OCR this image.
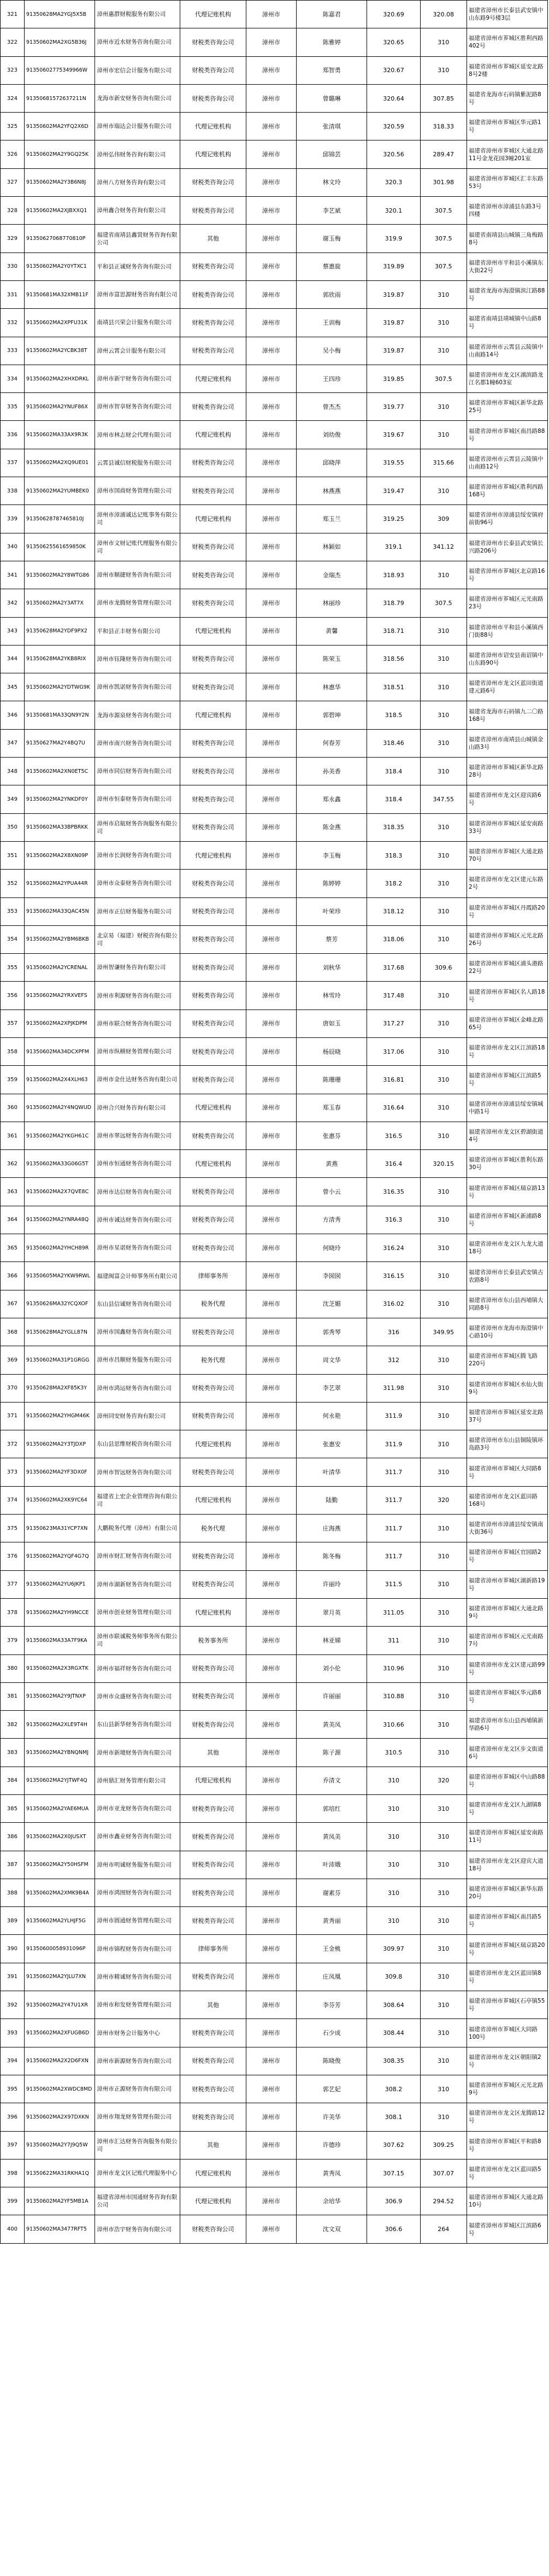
321	91350628MA2YGJ5X5B	漳州惠群财税服务有限公司	代理记账机构	漳州市	陈嘉君	320.69	320.08	福建省漳州市长泰县武安镇中山东路9号楼3层
322	91350602MA2XG5B36J	漳州市近水财务咨询有限公司	财税类咨询公司	漳州市	陈雅婷	320.65	310	福建省漳州市芗城区胜利西路402号
323	91350602775349966W	漳州市宏信会计服务有限公司	财税类咨询公司	漳州市	郑智勇	320.67	310	福建省漳州市芗城区延安北路8号2楼
324	91350681572637211N	龙海市新安财务咨询有限公司	财税类咨询公司	漳州市	曾璐琳	320.64	307.85	福建省龙海市石码镇紫泥路8号
325	91350602MA2YFQ2X6D	漳州市瑞达会计服务有限公司	代理记账机构	漳州市	张清琪	320.59	318.33	福建省漳州市芗城区华元路1号
326	91350602MA2Y9GQ25K	漳州弘伟财务咨询有限公司	代理记账机构	漳州市	邱锦芸	320.56	289.47	福建省漳州市芗城区大通北路11号金龙花园3幢201室
327	91350602MA2Y3B6N8J	漳州八方财务咨询有限公司	财税类咨询公司	漳州市	林文玲	320.3	301.98	福建省漳州市芗城区汇丰东路53号
328	91350602MA2XJBXXQ1	漳州鑫合财务咨询有限公司	财税类咨询公司	漳州市	李艺斌	320.1	307.5	福建省漳州市漳浦县东路3号四楼
329	91350627068770810P	福建省南靖县鑫贤财务咨询有限公司	其他	漳州市	谢玉梅	319.9	307.5	福建省南靖县山城镇三角梅路8号
330	91350602MA2Y0YTXC1	平和县正诚财务咨询有限公司	财税类咨询公司	漳州市	蔡惠旋	319.89	307.5	福建省漳州市平和县小溪镇东大街22号
331	91350681MA32XMB11F	漳州市富思源财务咨询有限公司	财税类咨询公司	漳州市	郭欣雨	319.87	310	福建省龙海市海澄镇滨江路88号
332	91350602MA2XPFU31K	南靖县兴荣会计服务有限公司	财税类咨询公司	漳州市	王训梅	319.87	310	福建省南靖县靖城镇中山路8号
333	91350602MA2YCBK38T	漳州云霄会计服务有限公司	财税类咨询公司	漳州市	吴小梅	319.87	310	福建省漳州市云霄县云陵镇中山南路14号
334	91350602MA2XHXDRKL	漳州市新宇财务咨询有限公司	代理记账机构	漳州市	王四珍	319.85	307.5	福建省漳州市龙文区湖滨路龙江名都1幢603室
335	91350602MA2YNUF86X	漳州市智享财务咨询有限公司	财税类咨询公司	漳州市	曾杰杰	319.77	310	福建省漳州市芗城区新华北路25号
336	91350602MA33AX9R3K	漳州市林志财会代理有限公司	代理记账机构	漳州市	刘幼俊	319.67	310	福建省漳州市芗城区南昌路88号
337	91350602MA2XQ9UE01	云霄县诚信财税服务有限公司	财税类咨询公司	漳州市	邱晓萍	319.55	315.66	福建省漳州市云霄县云陵镇中山南路12号
338	91350602MA2YUMBEK0	漳州市国商财务管理有限公司	财税类咨询公司	漳州市	林燕燕	319.47	310	福建省漳州市芗城区胜利西路168号
339	91350628787465810J	漳州市漳浦诚达记账事务有限公司	代理记账机构	漳州市	郑玉兰	319.25	309	福建省漳州市漳浦县绥安镇府前街96号
340	91350625561659850K	漳州市文财记账代理服务有限公司	财税类咨询公司	漳州市	林颖如	319.1	341.12	福建省漳州市长泰县武安镇长兴路206号
341	91350602MA2Y8WTG86	漳州市顺捷财务咨询有限公司	财税类咨询公司	漳州市	金瑞杰	318.93	310	福建省漳州市芗城区北京路16号
342	91350602MA2Y3AT7X	漳州市龙腾财务管理有限公司	财税类咨询公司	漳州市	林丽珍	318.79	307.5	福建省漳州市芗城区元光南路23号
343	91350628MA2YDF9PX2	平和县正丰财务有限公司	代理记账机构	漳州市	黄馨	318.71	310	福建省漳州市平和县小溪镇西门街88号
344	91350628MA2YKB8RIX	漳州市钰隆财务咨询有限公司	财税类咨询公司	漳州市	陈荣玉	318.56	310	福建省漳州市诏安县南诏镇中山东路90号
345	91350602MA2YDTWG9K	漳州市凯诺财务咨询有限公司	财税类咨询公司	漳州市	林惠华	318.51	310	福建省漳州市龙文区蓝田街道建元路6号
346	91350681MA33QN9Y2N	龙海市源泉财务咨询有限公司	代理记账机构	漳州市	郭碧坤	318.5	310	福建省龙海市石码镇九二〇路168号
347	91350627MA2Y4BQ7U	漳州市南兴财务咨询有限公司	财税类咨询公司	漳州市	何春芳	318.46	310	福建省漳州市南靖县山城镇金山路3号
348	91350602MA2XN0ET5C	漳州市同信财务咨询有限公司	财税类咨询公司	漳州市	孙美香	318.4	310	福建省漳州市芗城区新华北路28号
349	91350602MA2YNKDF0Y	漳州市恒泰财务咨询有限公司	财税类咨询公司	漳州市	郑永鑫	318.4	347.55	福建省漳州市龙文区迎宾路6号
350	91350602MA33BPBRKK	漳州市启航财务咨询服务有限公司	财税类咨询公司	漳州市	陈金燕	318.35	310	福建省漳州市芗城区延安南路33号
351	91350602MA2X8XN09P	漳州市长润财务咨询有限公司	代理记账机构	漳州市	李玉梅	318.3	310	福建省漳州市芗城区大通北路70号
352	91350602MA2YPUA44R	漳州市众泰财务咨询有限公司	财税类咨询公司	漳州市	陈婷婷	318.2	310	福建省漳州市龙文区建元东路2号
353	91350602MA33QAC45N	漳州市正信财务服务有限公司	财税类咨询公司	漳州市	叶荣珍	318.12	310	福建省漳州市芗城区丹霞路20号
354	91350602MA2YBM6BKB	北京易（福建）财税咨询有限公司	财税类咨询公司	漳州市	蔡芳	318.06	310	福建省漳州市芗城区元光北路26号
355	91350602MA2YCRENAL	漳州智谦财务咨询有限公司	财税类咨询公司	漳州市	刘秋华	317.68	309.6	福建省漳州市芗城区浦头港路22号
356	91350602MA2YRXVEFS	漳州市利源财务咨询有限公司	财税类咨询公司	漳州市	林雪玲	317.48	310	福建省漳州市芗城区名人路18号
357	91350602MA2XPJKDPM	漳州市联合财务咨询有限公司	财税类咨询公司	漳州市	唐如玉	317.27	310	福建省漳州市芗城区金峰北路65号
358	91350602MA34DCXPFM	漳州市纵横财务管理有限公司	财税类咨询公司	漳州市	杨辰晓	317.06	310	福建省漳州市龙文区江滨路18号
359	91350602MA2X4XLH63	漳州市金仕达财务咨询有限公司	财税类咨询公司	漳州市	陈珊珊	316.81	310	福建省漳州市芗城区江滨路5号
360	91350602MA2Y4NQWUD	漳州合兴财务咨询有限公司	代理记账机构	漳州市	郑玉春	316.64	310	福建省漳州市漳浦县绥安镇城中路1号
361	91350602MA2YKGH61C	漳州市翠远财务咨询有限公司	财税类咨询公司	漳州市	张惠芬	316.5	310	福建省漳州市龙文区碧湖街道4号
362	91350602MA33G06G5T	漳州市恒通财务咨询有限公司	代理记账机构	漳州市	黄燕	316.4	320.15	福建省漳州市芗城区胜利东路30号
363	91350602MA2X7QVE8C	漳州市达信财务咨询有限公司	财税类咨询公司	漳州市	曾小云	316.35	310	福建省漳州市芗城区瑞京路13号
364	91350602MA2YNRA48Q	漳州市诚达财务咨询有限公司	财税类咨询公司	漳州市	方清秀	316.3	310	福建省漳州市芗城区新浦路8号
365	91350602MA2YHCH89R	漳州市星诺财务咨询有限公司	财税类咨询公司	漳州市	何晓玲	316.24	310	福建省漳州市龙文区九龙大道18号
366	91350605MA2YKW9RWL	福建闽富会计师事务所有限公司	律师事务所	漳州市	李囡囡	316.15	310	福建省漳州市长泰县武安镇古农路8号
367	91350626MA32YCQXOF	东山县信诚财务咨询有限公司	税务代理	漳州市	沈芝媚	316.02	310	福建省漳州市东山县西埔镇大同路8号
368	91350628MA2YGLL87N	漳州市国鑫财务咨询有限公司	财税类咨询公司	漳州市	郭秀琴	316	349.95	福建省漳州市龙海市海澄镇中心路10号
369	91350602MA31P1GRGG	漳州市昌顺财务服务有限公司	税务代理	漳州市	周文华	312	310	福建省漳州市芗城区腾飞路220号
370	91350628MA2XF85K3Y	漳州市鸿运财务咨询有限公司	财税类咨询公司	漳州市	李艺翠	311.98	310	福建省漳州市芗城区水仙大街9号
371	91350602MA2YHGM46K	漳州同安财务咨询有限公司	财税类咨询公司	漳州市	何永艳	311.9	310	福建省漳州市芗城区延安北路37号
372	91350602MA2Y3TJDXP	东山县思维财税咨询有限公司	代理记账机构	漳州市	张惠安	311.9	310	福建省漳州市东山县铜陵镇环岛路3号
373	91350602MA2YF3DX0F	漳州市智远财务咨询有限公司	财税类咨询公司	漳州市	叶清华	311.7	310	福建省漳州市芗城区大同路8号
374	91350602MA2XK9YC64	福建省上宏企业管理咨询有限公司	代理记账机构	漳州市	陆勤	311.7	320	福建省漳州市龙文区蓝田路168号
375	91350623MA31YCP7XN	大鹏税务代理（漳州）有限公司	税务代理	漳州市	庄海燕	311.7	310	福建省漳州市漳浦县绥安镇南大街36号
376	91350602MA2YQF4G7Q	漳州市财汇财务咨询有限公司	财税类咨询公司	漳州市	陈冬梅	311.7	310	福建省漳州市芗城区官园路2号
377	91350602MA2YU6JKP1	漳州市湖新财务咨询有限公司	财税类咨询公司	漳州市	许丽玲	311.5	310	福建省漳州市芗城区湖新路19号
378	91350602MA2YH9NCCE	漳州市创业财务管理有限公司	代理记账机构	漳州市	翠月英	311.05	310	福建省漳州市芗城区大通北路9号
379	91350602MA33A7F9KA	漳州市联诚税务师事务所有限公司	税务事务所	漳州市	林亚娣	311	310	福建省漳州市芗城区元光南路7号
380	91350602MA2X3RGXTK	漳州市福祥财务咨询有限公司	财税类咨询公司	漳州市	刘小伦	310.96	310	福建省漳州市龙文区建元路99号
381	91350602MA2Y9JTNXP	漳州市众盛财务咨询有限公司	财税类咨询公司	漳州市	许丽丽	310.88	310	福建省漳州市芗城区华元路8号
382	91350602MA2XLE9T4H	东山县新华财务咨询有限公司	财税类咨询公司	漳州市	黄美凤	310.66	310	福建省漳州市东山县西埔镇新华路6号
383	91350602MA2YBNQNMJ	漳州市新境财务咨询有限公司	其他	漳州市	陈子源	310.5	310	福建省漳州市龙文区步文街道6号
384	91350602MA2YJTWF4Q	漳州鼎汇财务管理有限公司	代理记账机构	漳州市	乔清文	310	320	福建省漳州市芗城区中山路88号
385	91350602MA2YAE6MUA	漳州市亚龙财务咨询有限公司	财税类咨询公司	漳州市	郭培红	310	310	福建省漳州市龙文区九湖镇8号
386	91350602MA2X0JUSXT	漳州市鑫业财务咨询有限公司	财税类咨询公司	漳州市	黄凤美	310	310	福建省漳州市芗城区延安南路11号
387	91350602MA2Y50HSFM	漳州市明诚财务服务有限公司	财税类咨询公司	漳州市	叶沛娥	310	310	福建省漳州市龙文区迎宾大道18号
388	91350602MA2XMK9B4A	漳州市鸿图财务咨询有限公司	财税类咨询公司	漳州市	谢素芬	310	310	福建省漳州市芗城区新华东路20号
389	91350602MA2YLHJF5G	漳州市圆通财务管理有限公司	财税类咨询公司	漳州市	黄秀丽	310	310	福建省漳州市芗城区南昌路5号
390	91350600058931096P	漳州市锦程财务咨询有限公司	律师事务所	漳州市	王金桃	309.97	310	福建省漳州市芗城区瑞京路20号
391	91350602MA2YJLU7XN	漳州市精诚财务咨询有限公司	财税类咨询公司	漳州市	庄凤凰	309.8	310	福建省漳州市龙文区蓝田镇8号
392	91350602MA2Y47U1XR	漳州市和发财务管理有限公司	其他	漳州市	李芬芳	308.64	310	福建省漳州市芗城区石亭镇55号
393	91350602MA2XFUGB6D	漳州市财务会计服务中心	财税类咨询公司	漳州市	石少成	308.44	310	福建省漳州市芗城区大同路100号
394	91350602MA2X2D6FXN	漳州市新源财务咨询有限公司	财税类咨询公司	漳州市	陈晓俊	308.35	310	福建省漳州市龙文区朝阳镇2号
395	91350602MA2XWDC8MD	漳州市正源财务咨询有限公司	财税类咨询公司	漳州市	郭艺妃	308.2	310	福建省漳州市芗城区元光北路9号
396	91350602MA2X97DXKN	漳州市翔龙财务管理有限公司	财税类咨询公司	漳州市	许美华	308.1	310	福建省漳州市龙文区龙腾路12号
397	91350602MA2Y7J9Q5W	漳州市汇达财务咨询服务有限公司	其他	漳州市	许德珍	307.62	309.25	福建省漳州市芗城区平和路8号
398	91350622MA31RKHA1Q	漳州市龙文区记账代理服务中心	代理记账机构	漳州市	黄秀凤	307.15	307.07	福建省漳州市龙文区蓝田路5号
399	91350602MA2YF5MB1A	福建省漳州市国通财务咨询有限公司	代理记账机构	漳州市	余培华	306.9	294.52	福建省漳州市芗城区大通北路10号
400	91350602MA3477RFT5	漳州市浩宇财务咨询有限公司	财税类咨询公司	漳州市	沈文双	306.6	264	福建省漳州市芗城区江滨路6号
